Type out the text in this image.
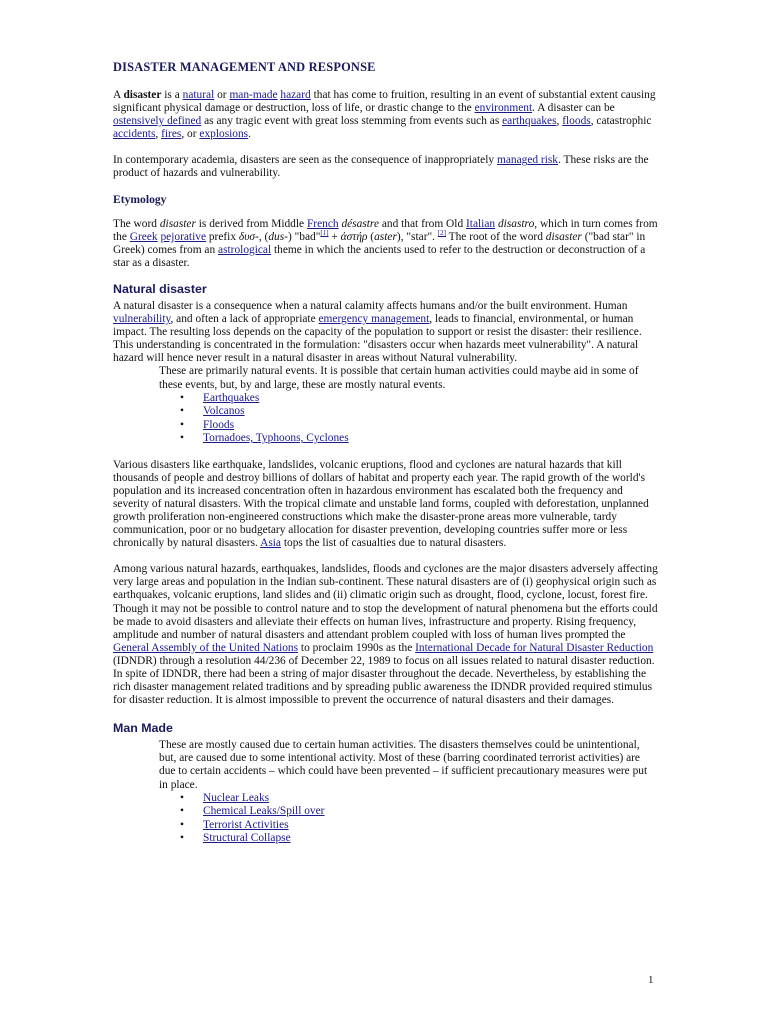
DISASTER MANAGEMENT AND RESPONSE

A disaster is a natural or man-made hazard that has come to fruition, resulting in an event of substantial extent causing significant physical damage or destruction, loss of life, or drastic change to the environment. A disaster can be ostensively defined as any tragic event with great loss stemming from events such as earthquakes, floods, catastrophic accidents, fires, or explosions.

In contemporary academia, disasters are seen as the consequence of inappropriately managed risk. These risks are the product of hazards and vulnerability.

Etymology

The word disaster is derived from Middle French désastre and that from Old Italian disastro, which in turn comes from the Greek pejorative prefix δυσ-, (dus-) "bad"[1] + ἀστήρ (aster), "star". [2] The root of the word disaster ("bad star" in Greek) comes from an astrological theme in which the ancients used to refer to the destruction or deconstruction of a star as a disaster.

Natural disaster

A natural disaster is a consequence when a natural calamity affects humans and/or the built environment. Human vulnerability, and often a lack of appropriate emergency management, leads to financial, environmental, or human impact. The resulting loss depends on the capacity of the population to support or resist the disaster: their resilience. This understanding is concentrated in the formulation: "disasters occur when hazards meet vulnerability". A natural hazard will hence never result in a natural disaster in areas without Natural vulnerability.

These are primarily natural events. It is possible that certain human activities could maybe aid in some of these events, but, by and large, these are mostly natural events.

• Earthquakes
• Volcanos
• Floods
• Tornadoes, Typhoons, Cyclones

Various disasters like earthquake, landslides, volcanic eruptions, flood and cyclones are natural hazards that kill thousands of people and destroy billions of dollars of habitat and property each year. The rapid growth of the world's population and its increased concentration often in hazardous environment has escalated both the frequency and severity of natural disasters. With the tropical climate and unstable land forms, coupled with deforestation, unplanned growth proliferation non-engineered constructions which make the disaster-prone areas more vulnerable, tardy communication, poor or no budgetary allocation for disaster prevention, developing countries suffer more or less chronically by natural disasters. Asia tops the list of casualties due to natural disasters.

Among various natural hazards, earthquakes, landslides, floods and cyclones are the major disasters adversely affecting very large areas and population in the Indian sub-continent. These natural disasters are of (i) geophysical origin such as earthquakes, volcanic eruptions, land slides and (ii) climatic origin such as drought, flood, cyclone, locust, forest fire. Though it may not be possible to control nature and to stop the development of natural phenomena but the efforts could be made to avoid disasters and alleviate their effects on human lives, infrastructure and property. Rising frequency, amplitude and number of natural disasters and attendant problem coupled with loss of human lives prompted the General Assembly of the United Nations to proclaim 1990s as the International Decade for Natural Disaster Reduction (IDNDR) through a resolution 44/236 of December 22, 1989 to focus on all issues related to natural disaster reduction. In spite of IDNDR, there had been a string of major disaster throughout the decade. Nevertheless, by establishing the rich disaster management related traditions and by spreading public awareness the IDNDR provided required stimulus for disaster reduction. It is almost impossible to prevent the occurrence of natural disasters and their damages.

Man Made

These are mostly caused due to certain human activities. The disasters themselves could be unintentional, but, are caused due to some intentional activity. Most of these (barring coordinated terrorist activities) are due to certain accidents – which could have been prevented – if sufficient precautionary measures were put in place.

• Nuclear Leaks
• Chemical Leaks/Spill over
• Terrorist Activities
• Structural Collapse
1
